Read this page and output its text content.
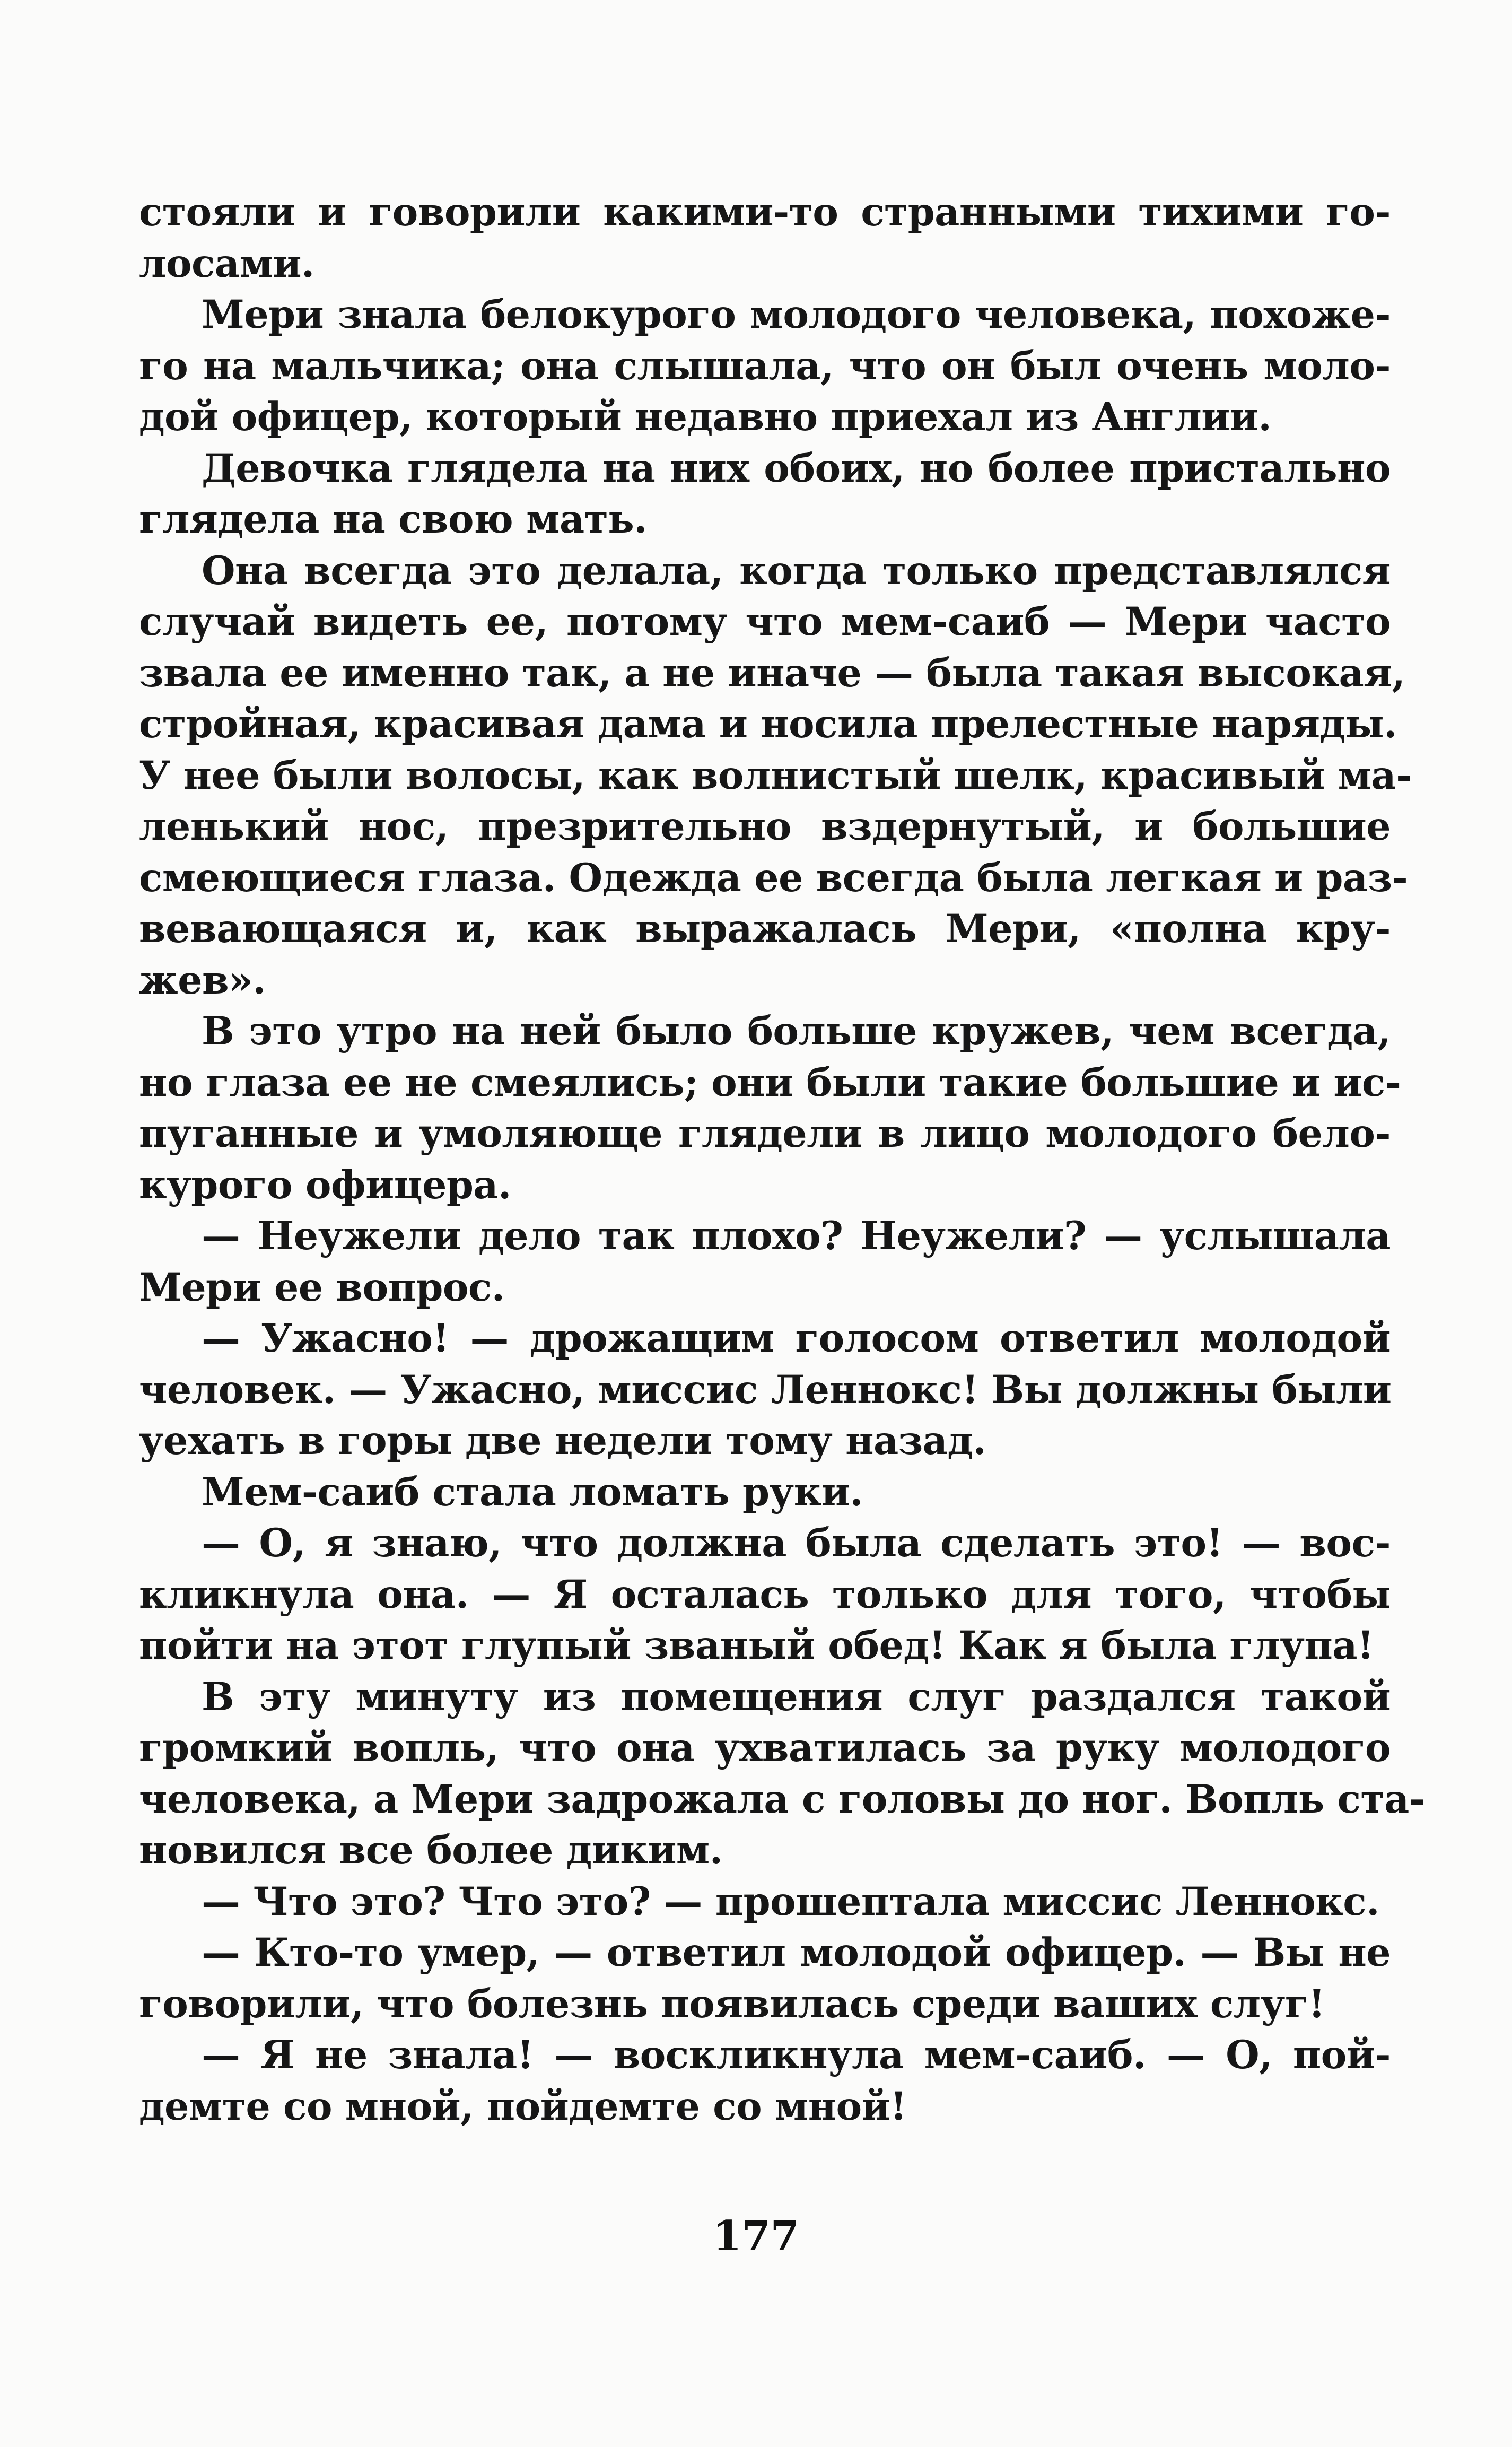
стояли и говорили какими-то странными тихими го-
лосами.
Мери знала белокурого молодого человека, похоже-
го на мальчика; она слышала, что он был очень моло-
дой офицер, который недавно приехал из Англии.
Девочка глядела на них обоих, но более пристально
глядела на свою мать.
Она всегда это делала, когда только представлялся
случай видеть ее, потому что мем-саиб — Мери часто
звала ее именно так, а не иначе — была такая высокая,
стройная, красивая дама и носила прелестные наряды.
У нее были волосы, как волнистый шелк, красивый ма-
ленький нос, презрительно вздернутый, и большие
смеющиеся глаза. Одежда ее всегда была легкая и раз-
вевающаяся и, как выражалась Мери, «полна кру-
жев».
В это утро на ней было больше кружев, чем всегда,
но глаза ее не смеялись; они были такие большие и ис-
пуганные и умоляюще глядели в лицо молодого бело-
курого офицера.
— Неужели дело так плохо? Неужели? — услышала
Мери ее вопрос.
— Ужасно! — дрожащим голосом ответил молодой
человек. — Ужасно, миссис Леннокс! Вы должны были
уехать в горы две недели тому назад.
Мем-саиб стала ломать руки.
— О, я знаю, что должна была сделать это! — вос-
кликнула она. — Я осталась только для того, чтобы
пойти на этот глупый званый обед! Как я была глупа!
В эту минуту из помещения слуг раздался такой
громкий вопль, что она ухватилась за руку молодого
человека, а Мери задрожала с головы до ног. Вопль ста-
новился все более диким.
— Что это? Что это? — прошептала миссис Леннокс.
— Кто-то умер, — ответил молодой офицер. — Вы не
говорили, что болезнь появилась среди ваших слуг!
— Я не знала! — воскликнула мем-саиб. — О, пой-
демте со мной, пойдемте со мной!
177
